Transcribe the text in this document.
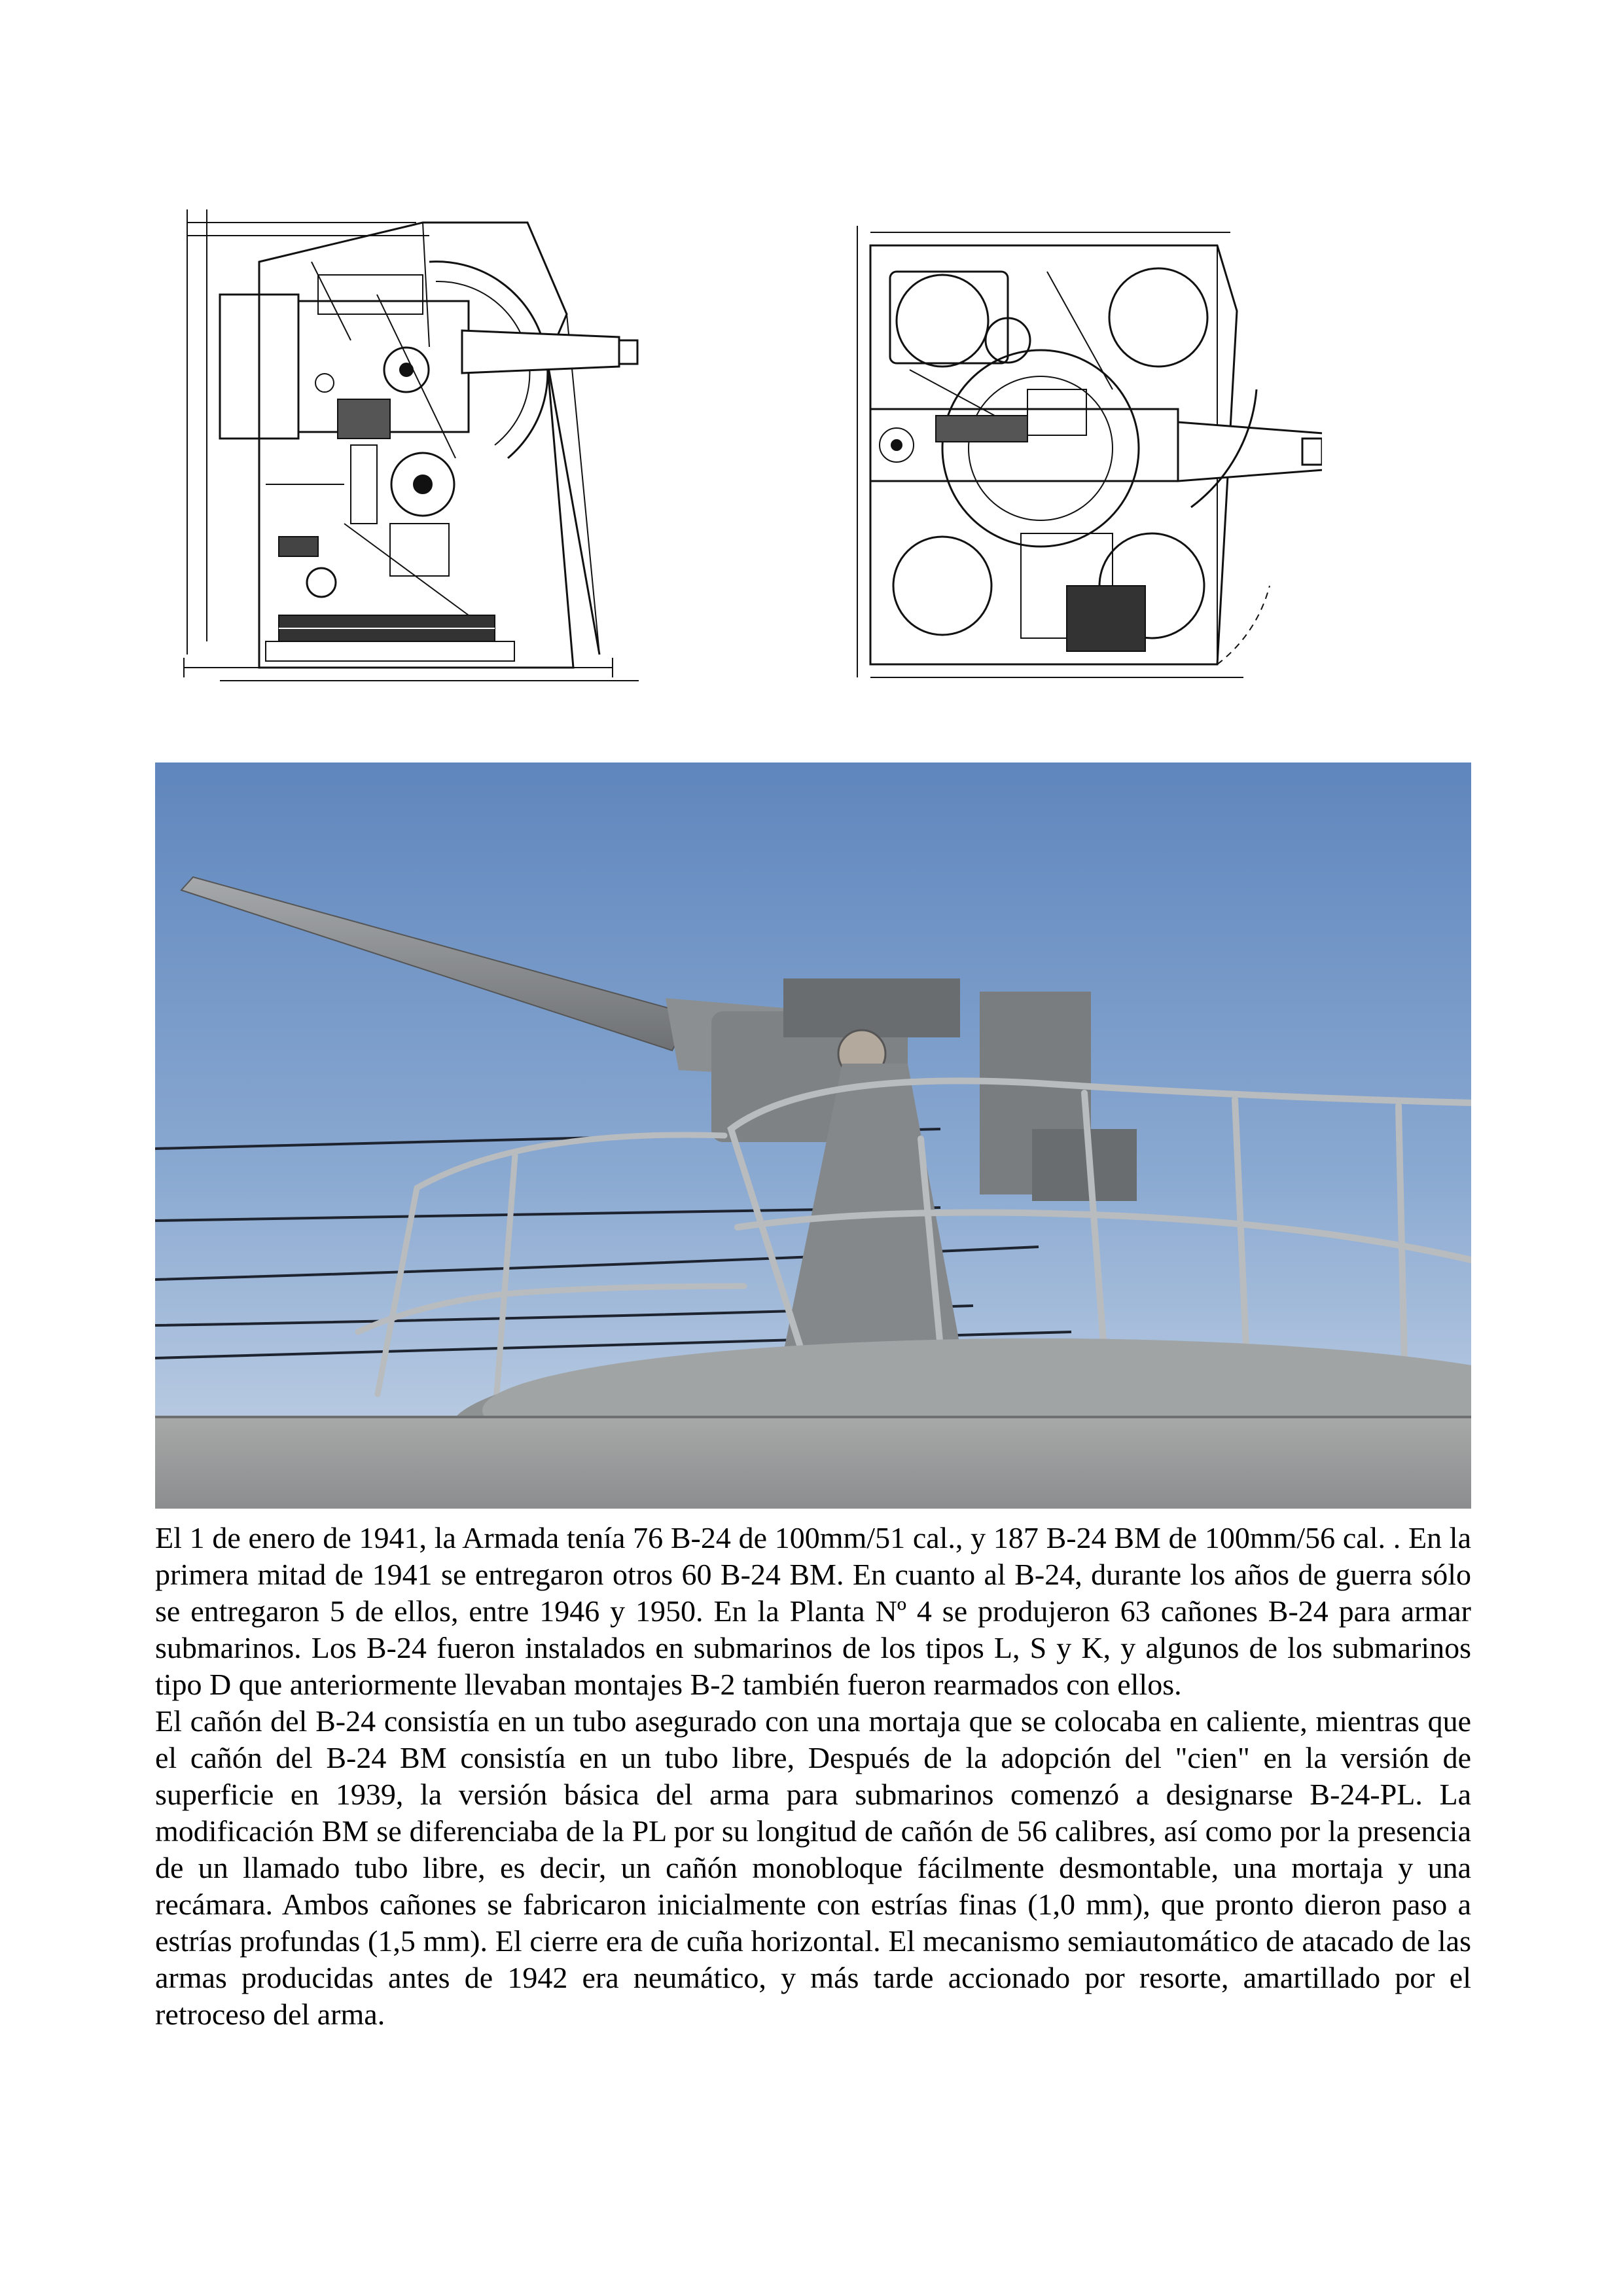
El 1 de enero de 1941, la Armada tenía 76 B-24 de 100mm/51 cal., y 187 B-24 BM de 100mm/56 cal. . En la primera mitad de 1941 se entregaron otros 60 B-24 BM. En cuanto al B-24, durante los años de guerra sólo se entregaron 5 de ellos, entre 1946 y 1950. En la Planta Nº 4 se produjeron 63 cañones B-24 para armar submarinos. Los B-24 fueron instalados en submarinos de los tipos L, S y K, y algunos de los submarinos tipo D que anteriormente llevaban montajes B-2 también fueron rearmados con ellos.

El cañón del B-24 consistía en un tubo asegurado con una mortaja que se colocaba en caliente, mientras que el cañón del B-24 BM consistía en un tubo libre, Después de la adopción del "cien" en la versión de superficie en 1939, la versión básica del arma para submarinos comenzó a designarse B-24-PL. La modificación BM se diferenciaba de la PL por su longitud de cañón de 56 calibres, así como por la presencia de un llamado tubo libre, es decir, un cañón monobloque fácilmente desmontable, una mortaja y una recámara. Ambos cañones se fabricaron inicialmente con estrías finas (1,0 mm), que pronto dieron paso a estrías profundas (1,5 mm). El cierre era de cuña horizontal. El mecanismo semiautomático de atacado de las armas producidas antes de 1942 era neumático, y más tarde accionado por resorte, amartillado por el retroceso del arma.
